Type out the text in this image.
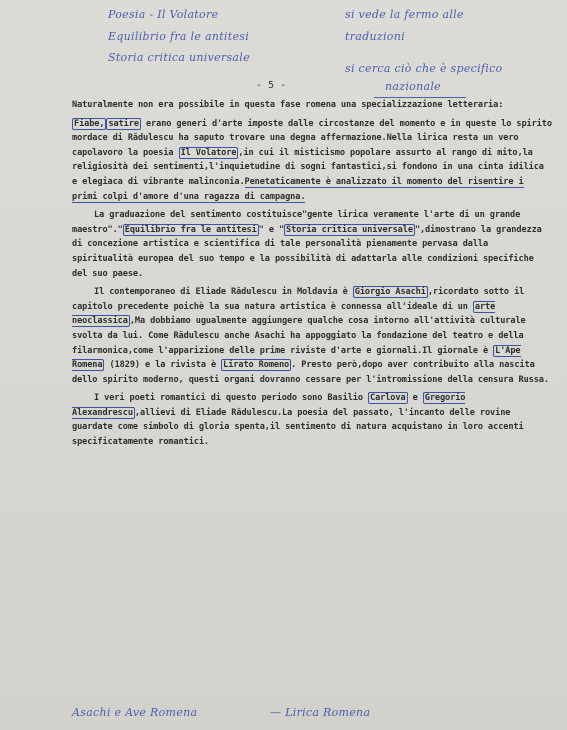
Poesia - Il Volatore
Equilibrio fra le antitesi
Storia critica universale
si vede la fermo alle
traduzioni
si cerca ciò che è specifico
nazionale
- 5 -

Naturalmente non era possibile in questa fase romena una specializzazione letteraria:

Fiabe, satire erano generi d'arte imposte dalle circostanze del momento e in queste lo spirito mordace di Rădulescu ha saputo trovare una degna affermazione.Nella lirica resta un vero capolavoro la poesia Il Volatore ,in cui il misticismo popolare assurto al rango di mito,la religiosità dei sentimenti,l'inquietudine di sogni fantastici,si fondono in una cinta idilica e elegiaca di vibrante malinconia.Penetaticamente è analizzato il momento del risentire i primi colpi d'amore d'una ragazza di campagna.

La graduazione del sentimento costituisce"gente lirica veramente l'arte di un grande maestro"." Equilibrio fra le antitesi " e " Storia critica universale ",dimostrano la grandezza di concezione artistica e scientifica di tale personalità pienamente pervasa dalla spiritualità europea del suo tempo e la possibilità di adattarla alle condizioni specifiche del suo paese.

Il contemporaneo di Eliade Rădulescu in Moldavia è Giorgio Asachi ,ricordato sotto il capitolo precedente poichè la sua natura artistica è connessa all'ideale di un arte neoclassica ,Ma dobbiamo ugualmente aggiungere qualche cosa intorno all'attività culturale svolta da lui. Come Rădulescu anche Asachi ha appoggiato la fondazione del teatro e della filarmonica,come l'apparizione delle prime riviste d'arte e giornali.Il giornale è L'Ape Romena (1829) e la rivista è Lirato Romeno . Presto però,dopo aver contribuito alla nascita dello spirito moderno, questi organi dovranno cessare per l'intromissione della censura Russa.

I veri poeti romantici di questo periodo sono Basilio Carlova e Gregorio Alexandrescu ,allievi di Eliade Rădulescu.La poesia del passato, l'incanto delle rovine guardate come simbolo di gloria spenta,il sentimento di natura acquistano in loro accenti specificatamente romantici.

Asachi e Ave Romena	— Lirica Romena
